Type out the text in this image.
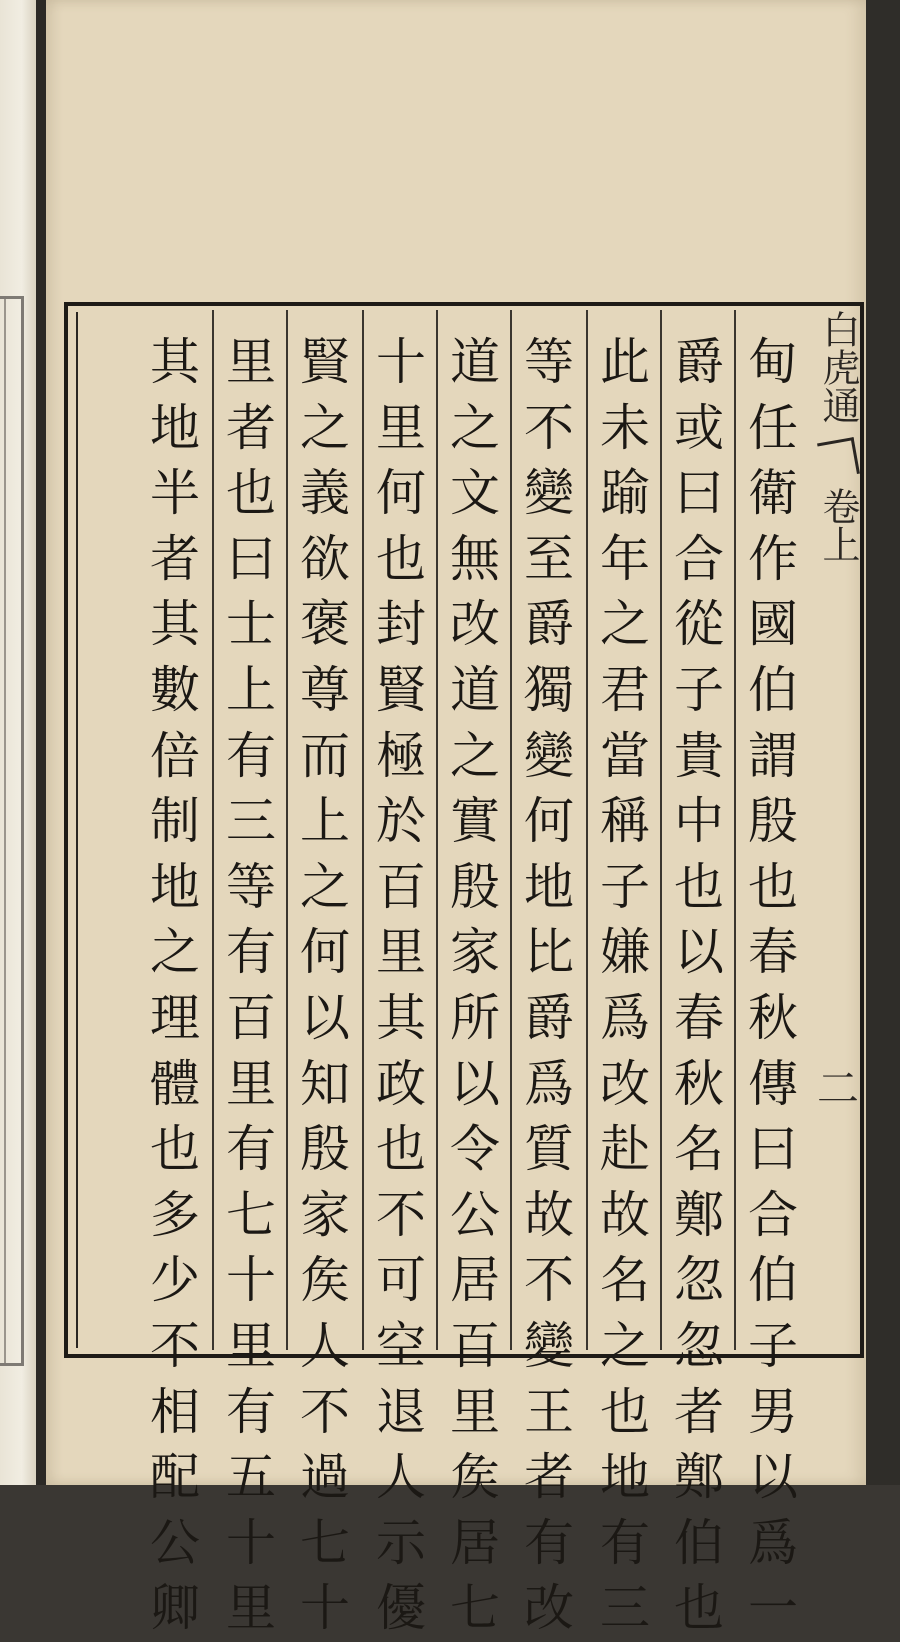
白虎通
卷上
二
甸
任
衛
作
國
伯
謂
殷
也
春
秋
傳
曰
合
伯
子
男
以
爲
一
爵
或
曰
合
從
子
貴
中
也
以
春
秋
名
鄭
忽
忽
者
鄭
伯
也
此
未
踰
年
之
君
當
稱
子
嫌
爲
改
赴
故
名
之
也
地
有
三
等
不
變
至
爵
獨
變
何
地
比
爵
爲
質
故
不
變
王
者
有
改
道
之
文
無
改
道
之
實
殷
家
所
以
令
公
居
百
里
矦
居
七
十
里
何
也
封
賢
極
於
百
里
其
政
也
不
可
空
退
人
示
優
賢
之
義
欲
褒
尊
而
上
之
何
以
知
殷
家
矦
人
不
過
七
十
里
者
也
曰
士
上
有
三
等
有
百
里
有
七
十
里
有
五
十
里
其
地
半
者
其
數
倍
制
地
之
理
體
也
多
少
不
相
配
公
卿
